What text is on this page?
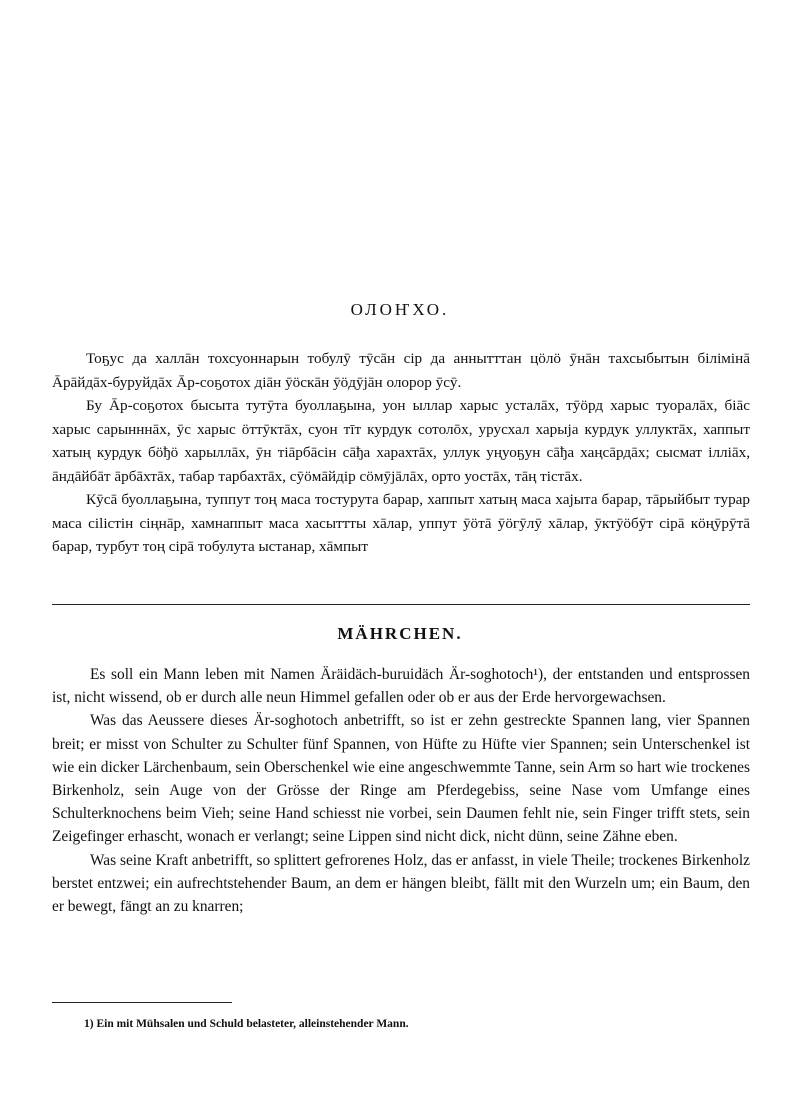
ОЛОҤХО.

Тоҕус да халлāн тохсуоннарын тобулӯ тӯсāн сір да аннытттан цöлö ӯнāн тахсыбытын білімінā Āрāйдāх-буруйдāх Āр-соҕотох діāн ӯöскāн ӯöдӯјāн олорор ӯсӯ.

Бу Āр-соҕотох бысыта тутӯта буоллаҕына, уон ыллар харыс усталāх, тӯöрд харыс туоралāх, біāс харыс сарынннāх, ӯс харыс öттӯктāх, суон тīт курдук сотолōх, урусхал харыја курдук уллуктāх, хаппыт хатың курдук бöђö харыллāх, ӯн тіāрбāсін сāђа харахтāх, уллук уңуоҕун сāђа хаңсāрдāх; сысмат ілліāх, āндāйбāт āрбāхтāх, табар тарбахтāх, сӯöмāйдір сöмӯјāлāх, орто уостāх, тāң тістāх.

Кӯсā буоллаҕына, туппут тоң маса тостурута барар, хаппыт хатың маса хајыта барар, тāрыйбыт турар маса сіlістін сіңнāр, хамнаппыт маса хасыттты хāлар, уппут ӯöтā ӯöгӯлӯ хāлар, ӯктӯöбӯт сірā кöңӯрӯтā барар, турбут тоң сірā тобулута ыстанар, хāмпыт

MÄHRCHEN.

Es soll ein Mann leben mit Namen Äräidäch-buruidäch Är-soghotoch¹), der entstanden und entsprossen ist, nicht wissend, ob er durch alle neun Himmel gefallen oder ob er aus der Erde hervorgewachsen.

Was das Aeussere dieses Är-soghotoch anbetrifft, so ist er zehn gestreckte Spannen lang, vier Spannen breit; er misst von Schulter zu Schulter fünf Spannen, von Hüfte zu Hüfte vier Spannen; sein Unterschenkel ist wie ein dicker Lärchenbaum, sein Oberschenkel wie eine angeschwemmte Tanne, sein Arm so hart wie trockenes Birkenholz, sein Auge von der Grösse der Ringe am Pferdegebiss, seine Nase vom Umfange eines Schulterknochens beim Vieh; seine Hand schiesst nie vorbei, sein Daumen fehlt nie, sein Finger trifft stets, sein Zeigefinger erhascht, wonach er verlangt; seine Lippen sind nicht dick, nicht dünn, seine Zähne eben.

Was seine Kraft anbetrifft, so splittert gefrorenes Holz, das er anfasst, in viele Theile; trockenes Birkenholz berstet entzwei; ein aufrechtstehender Baum, an dem er hängen bleibt, fällt mit den Wurzeln um; ein Baum, den er bewegt, fängt an zu knarren;

1) Ein mit Mühsalen und Schuld belasteter, alleinstehender Mann.
